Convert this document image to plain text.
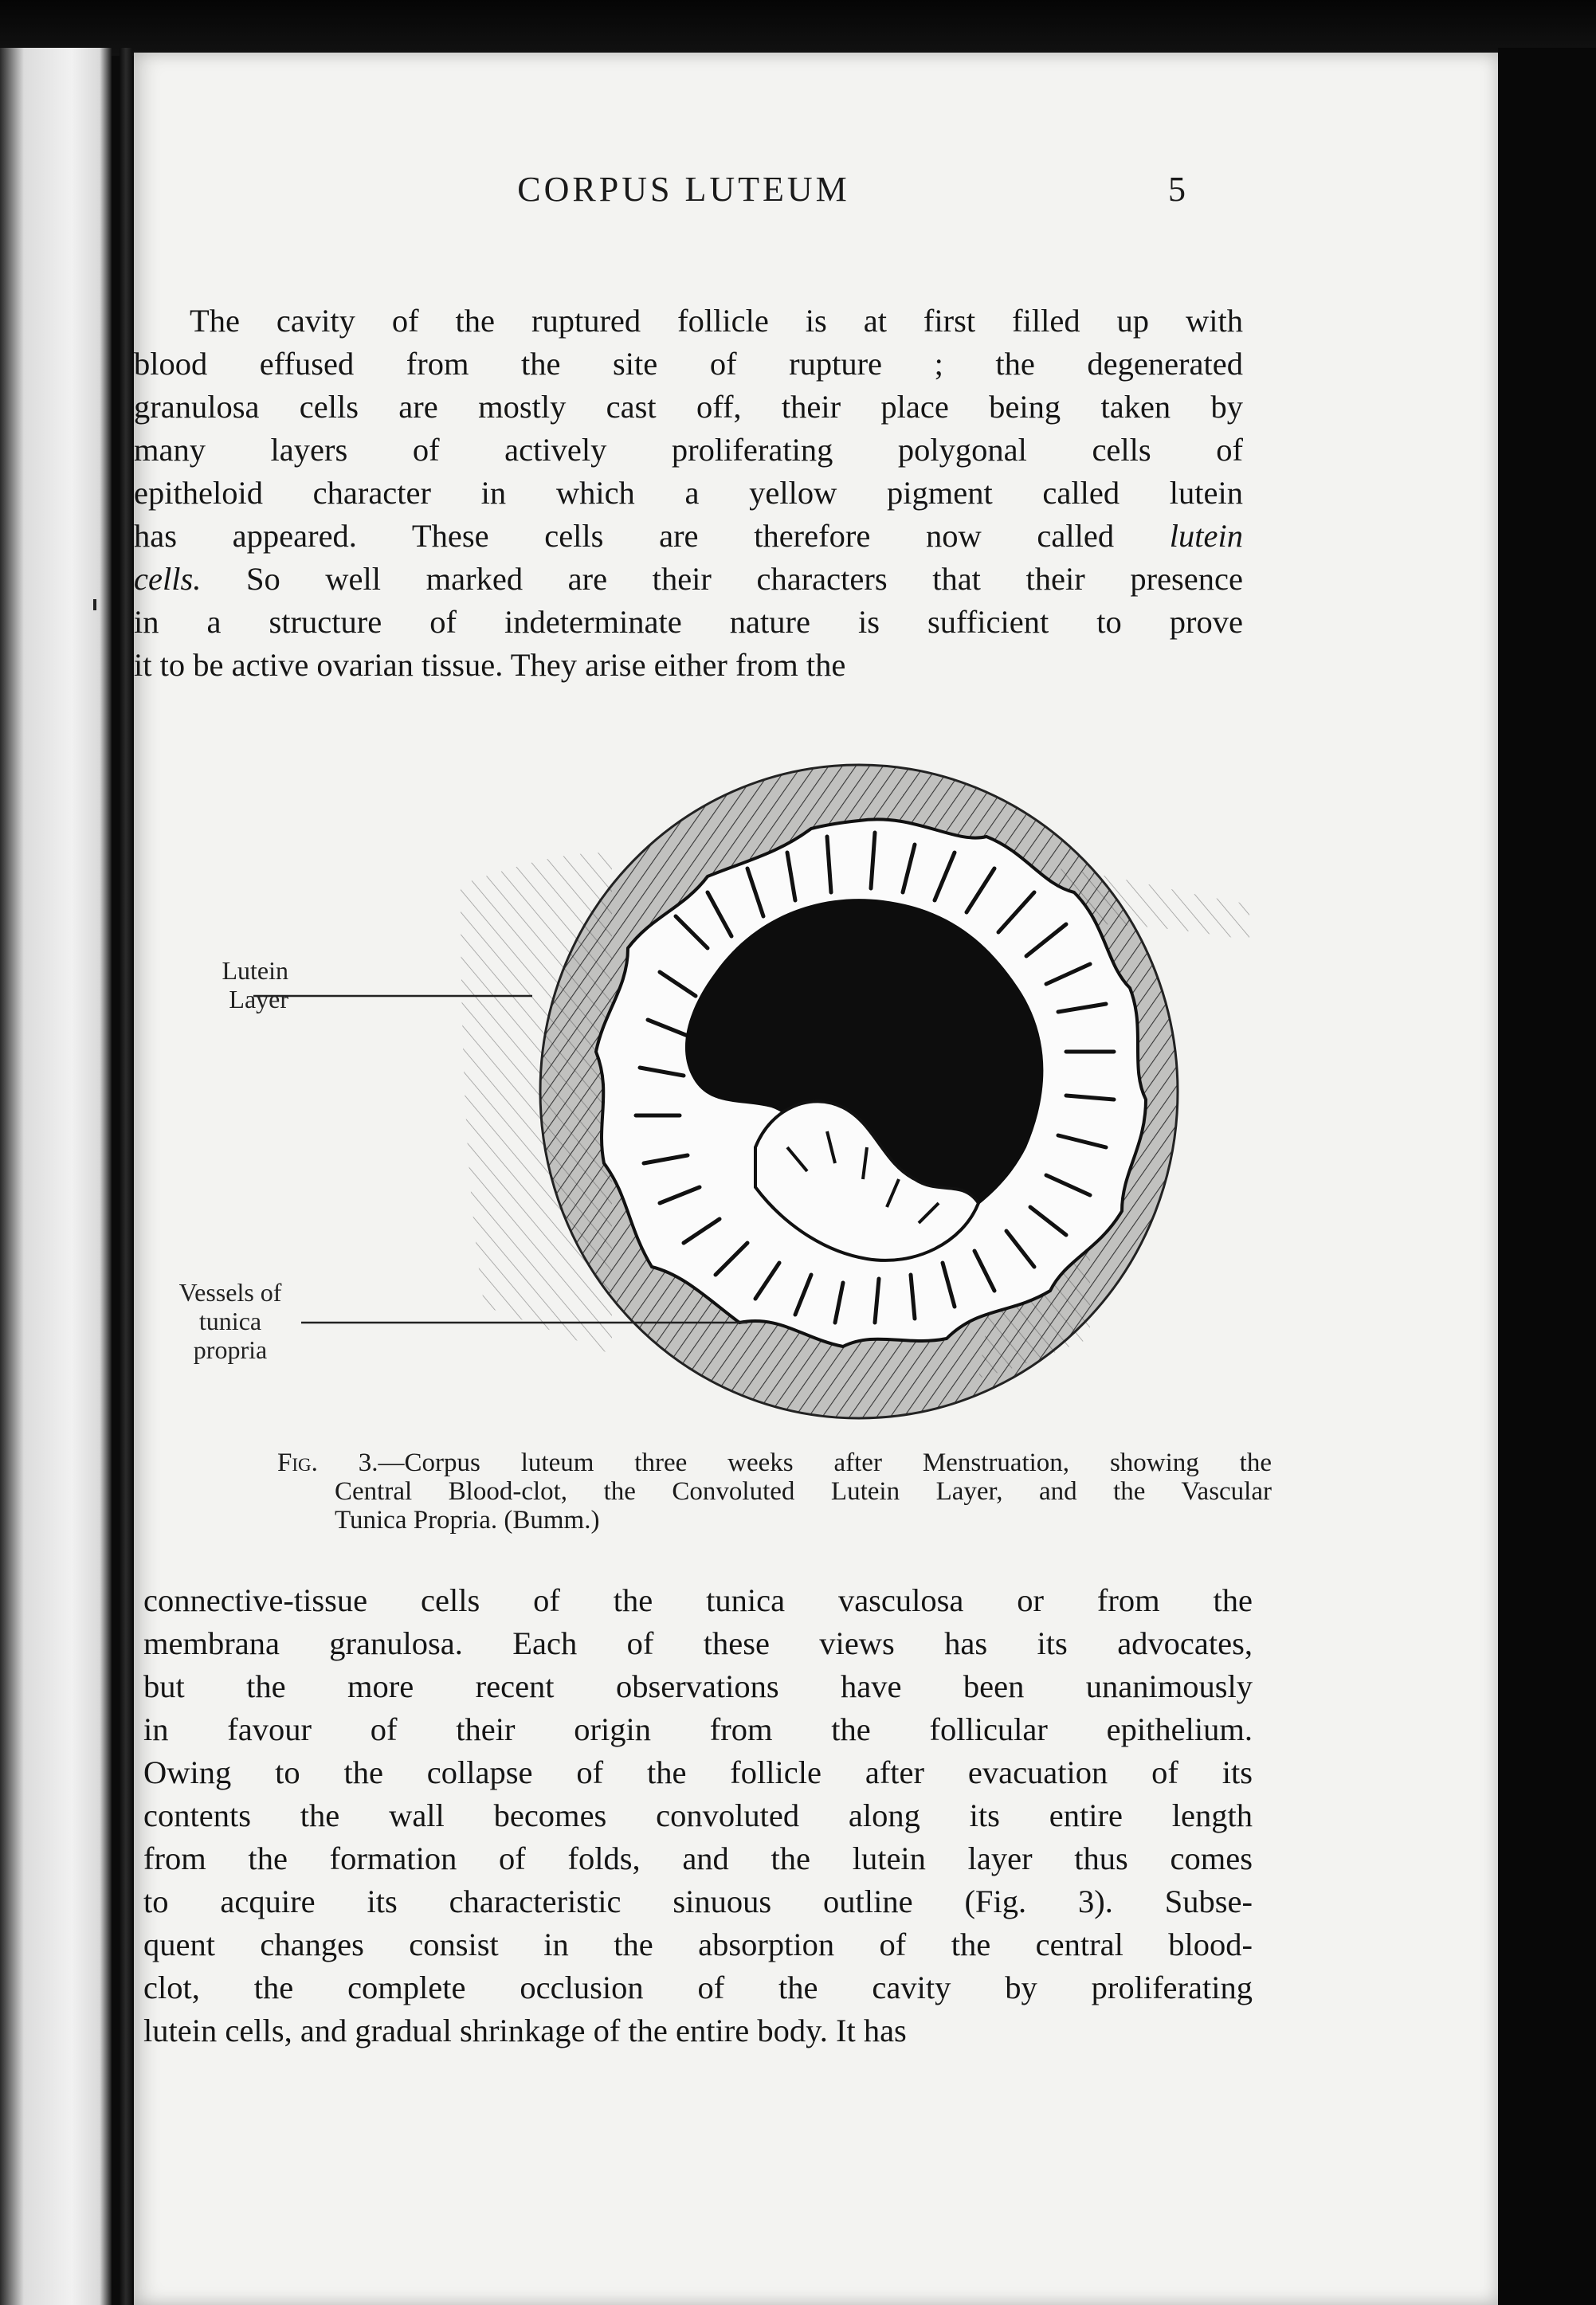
CORPUS LUTEUM	5
The cavity of the ruptured follicle is at first filled up with
blood effused from the site of rupture ; the degenerated
granulosa cells are mostly cast off, their place being taken by
many layers of actively proliferating polygonal cells of
epitheloid character in which a yellow pigment called lutein
has appeared. These cells are therefore now called lutein
cells. So well marked are their characters that their presence
in a structure of indeterminate nature is sufficient to prove
it to be active ovarian tissue. They arise either from the
Lutein
Layer
Vessels of
tunica
propria
Fig. 3.—Corpus luteum three weeks after Menstruation, showing the
Central Blood-clot, the Convoluted Lutein Layer, and the Vascular
Tunica Propria. (Bumm.)
connective-tissue cells of the tunica vasculosa or from the
membrana granulosa. Each of these views has its advocates,
but the more recent observations have been unanimously
in favour of their origin from the follicular epithelium.
Owing to the collapse of the follicle after evacuation of its
contents the wall becomes convoluted along its entire length
from the formation of folds, and the lutein layer thus comes
to acquire its characteristic sinuous outline (Fig. 3). Subse-
quent changes consist in the absorption of the central blood-
clot, the complete occlusion of the cavity by proliferating
lutein cells, and gradual shrinkage of the entire body. It has
